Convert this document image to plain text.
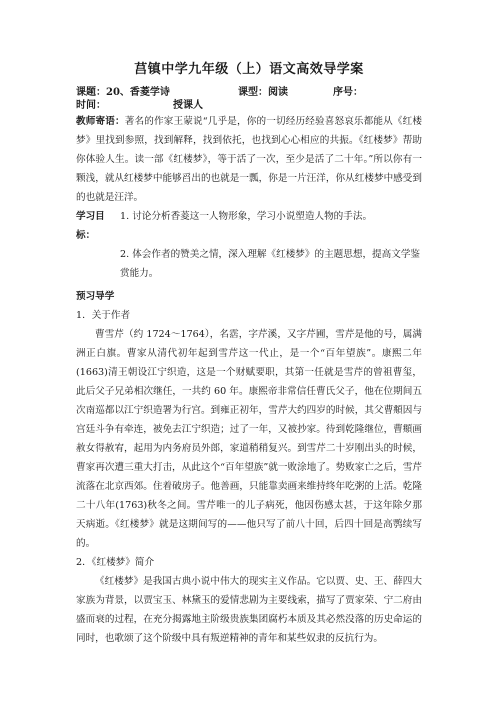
莒镇中学九年级（上）语文高效导学案
课题：20、香菱学诗	课型：阅读	序号：
时间：	授课人

教师寄语：著名的作家王蒙说“几乎是，你的一切经历经验喜怒哀乐都能从《红楼梦》里找到参照，找到解释，找到依托，也找到心心相应的共振。《红楼梦》帮助你体验人生。读一部《红楼梦》，等于活了一次，至少是活了二十年。”所以你有一颗浅，就从红楼梦中能够舀出的也就是一瓢，你是一片汪洋，你从红楼梦中感受到的也就是汪洋。

学习目标：
1. 讨论分析香菱这一人物形象，学习小说塑造人物的手法。
2. 体会作者的赞美之情，深入理解《红楼梦》的主题思想，提高文学鉴赏能力。
预习导学
1．关于作者

曹雪芹（约 1724～1764），名霑，字芹溪，又字芹圃，雪芹是他的号，属满洲正白旗。曹家从清代初年起到雪芹这一代止，是一个“百年望族”。康熙二年(1663)清王朝设江宁织造，这是一个财赋要职，其第一任就是雪芹的曾祖曹玺，此后父子兄弟相次继任，一共约 60 年。康熙帝非常信任曹氏父子，他在位期间五次南巡都以江宁织造署为行宫。到雍正初年，雪芹大约四岁的时候，其父曹頫因与宫廷斗争有牵连，被免去江宁织造；过了一年，又被抄家。待到乾隆继位，曹頫画赦女得赦宥，起用为内务府员外郎，家道稍稍复兴。到雪芹二十岁刚出头的时候，曹家再次遭三重大打击，从此这个“百年望族”就一败涂地了。势败家亡之后，雪芹流落在北京西郊。住着破房子。他善画，只能靠卖画来维持终年吃粥的上活。乾隆二十八年(1763)秋冬之间。雪芹唯一的儿子病死，他因伤感太甚，于这年除夕那天病逝。《红楼梦》就是这期间写的——他只写了前八十回，后四十回是高鹗续写的。

2．《红楼梦》简介

《红楼梦》是我国古典小说中伟大的现实主义作品。它以贾、史、王、薛四大家族为背景，以贾宝玉、林黛玉的爱情悲剧为主要线索，描写了贾家荣、宁二府由盛而衰的过程，在充分揭露地主阶级贵族集团腐朽本质及其必然没落的历史命运的同时，也歌颂了这个阶级中具有叛逆精神的青年和某些奴隶的反抗行为。
